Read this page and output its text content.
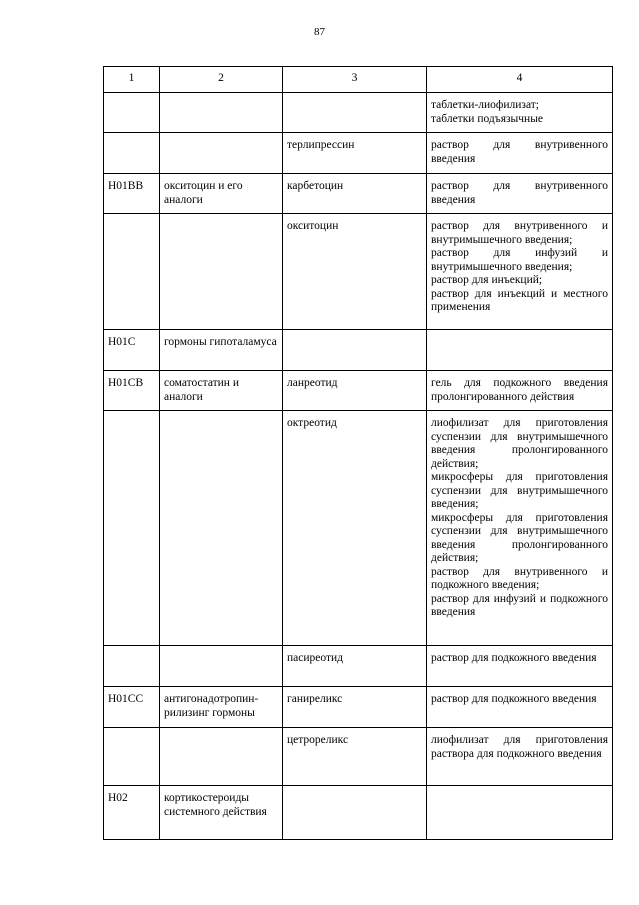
87
1	2	3	4

			таблетки-лиофилизат;
таблетки подъязычные

		терлипрессин	раствор для внутривенного введения

H01BB	окситоцин и его аналоги	карбетоцин	раствор для внутривенного введения

		окситоцин	раствор для внутривенного и внутримышечного введения;
раствор для инфузий и внутримышечного введения;
раствор для инъекций;
раствор для инъекций и местного применения

H01C	гормоны гипоталамуса		
H01CB	соматостатин и аналоги	ланреотид	гель для подкожного введения пролонгированного действия

		октреотид	лиофилизат для приготовления суспензии для внутримышечного введения пролонгированного действия;
микросферы для приготовления суспензии для внутримышечного введения;
микросферы для приготовления суспензии для внутримышечного введения пролонгированного действия;
раствор для внутривенного и подкожного введения;
раствор для инфузий и подкожного введения

		пасиреотид	раствор для подкожного введения

H01CC	антигонадотропин-рилизинг гормоны	ганиреликс	раствор для подкожного введения

		цетрореликс	лиофилизат для приготовления раствора для подкожного введения

H02	кортикостероиды системного действия		
